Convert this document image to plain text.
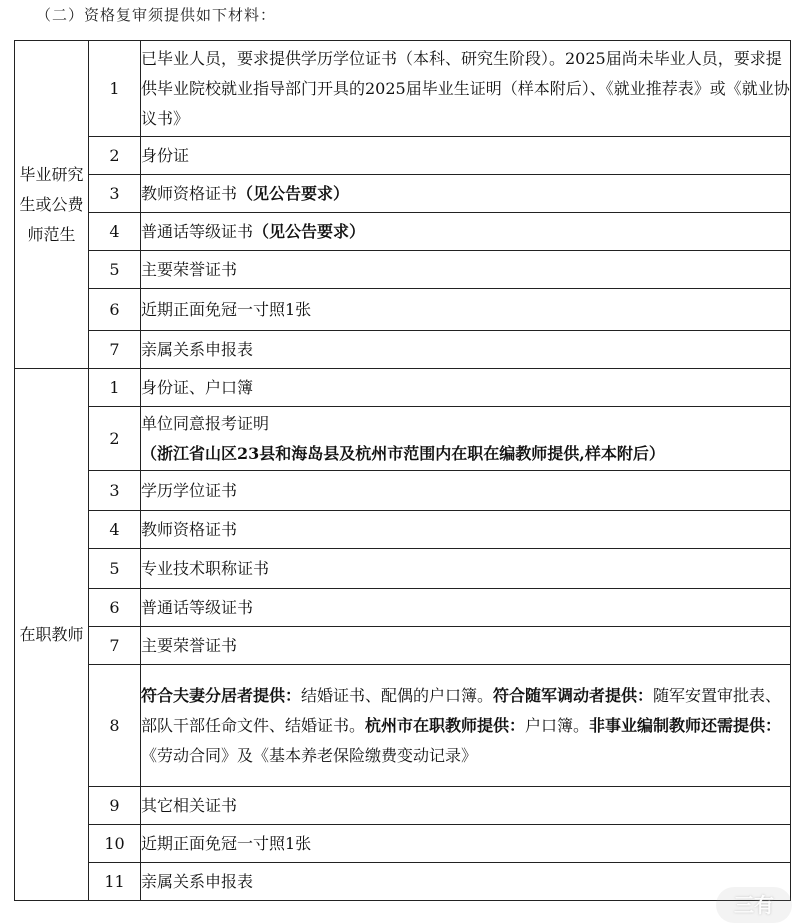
（二）资格复审须提供如下材料：
毕业研究生或公费师范生	1	已毕业人员，要求提供学历学位证书（本科、研究生阶段）。2025届尚未毕业人员，要求提供毕业院校就业指导部门开具的2025届毕业生证明（样本附后）、《就业推荐表》或《就业协议书》
	2	身份证
	3	教师资格证书（见公告要求）
	4	普通话等级证书（见公告要求）
	5	主要荣誉证书
	6	近期正面免冠一寸照1张
	7	亲属关系申报表
在职教师	1	身份证、户口簿
	2	单位同意报考证明（浙江省山区23县和海岛县及杭州市范围内在职在编教师提供,样本附后）
	3	学历学位证书
	4	教师资格证书
	5	专业技术职称证书
	6	普通话等级证书
	7	主要荣誉证书
	8	符合夫妻分居者提供：结婚证书、配偶的户口簿。符合随军调动者提供：随军安置审批表、部队干部任命文件、结婚证书。杭州市在职教师提供：户口簿。非事业编制教师还需提供：《劳动合同》及《基本养老保险缴费变动记录》
	9	其它相关证书
	10	近期正面免冠一寸照1张
	11	亲属关系申报表
三有
